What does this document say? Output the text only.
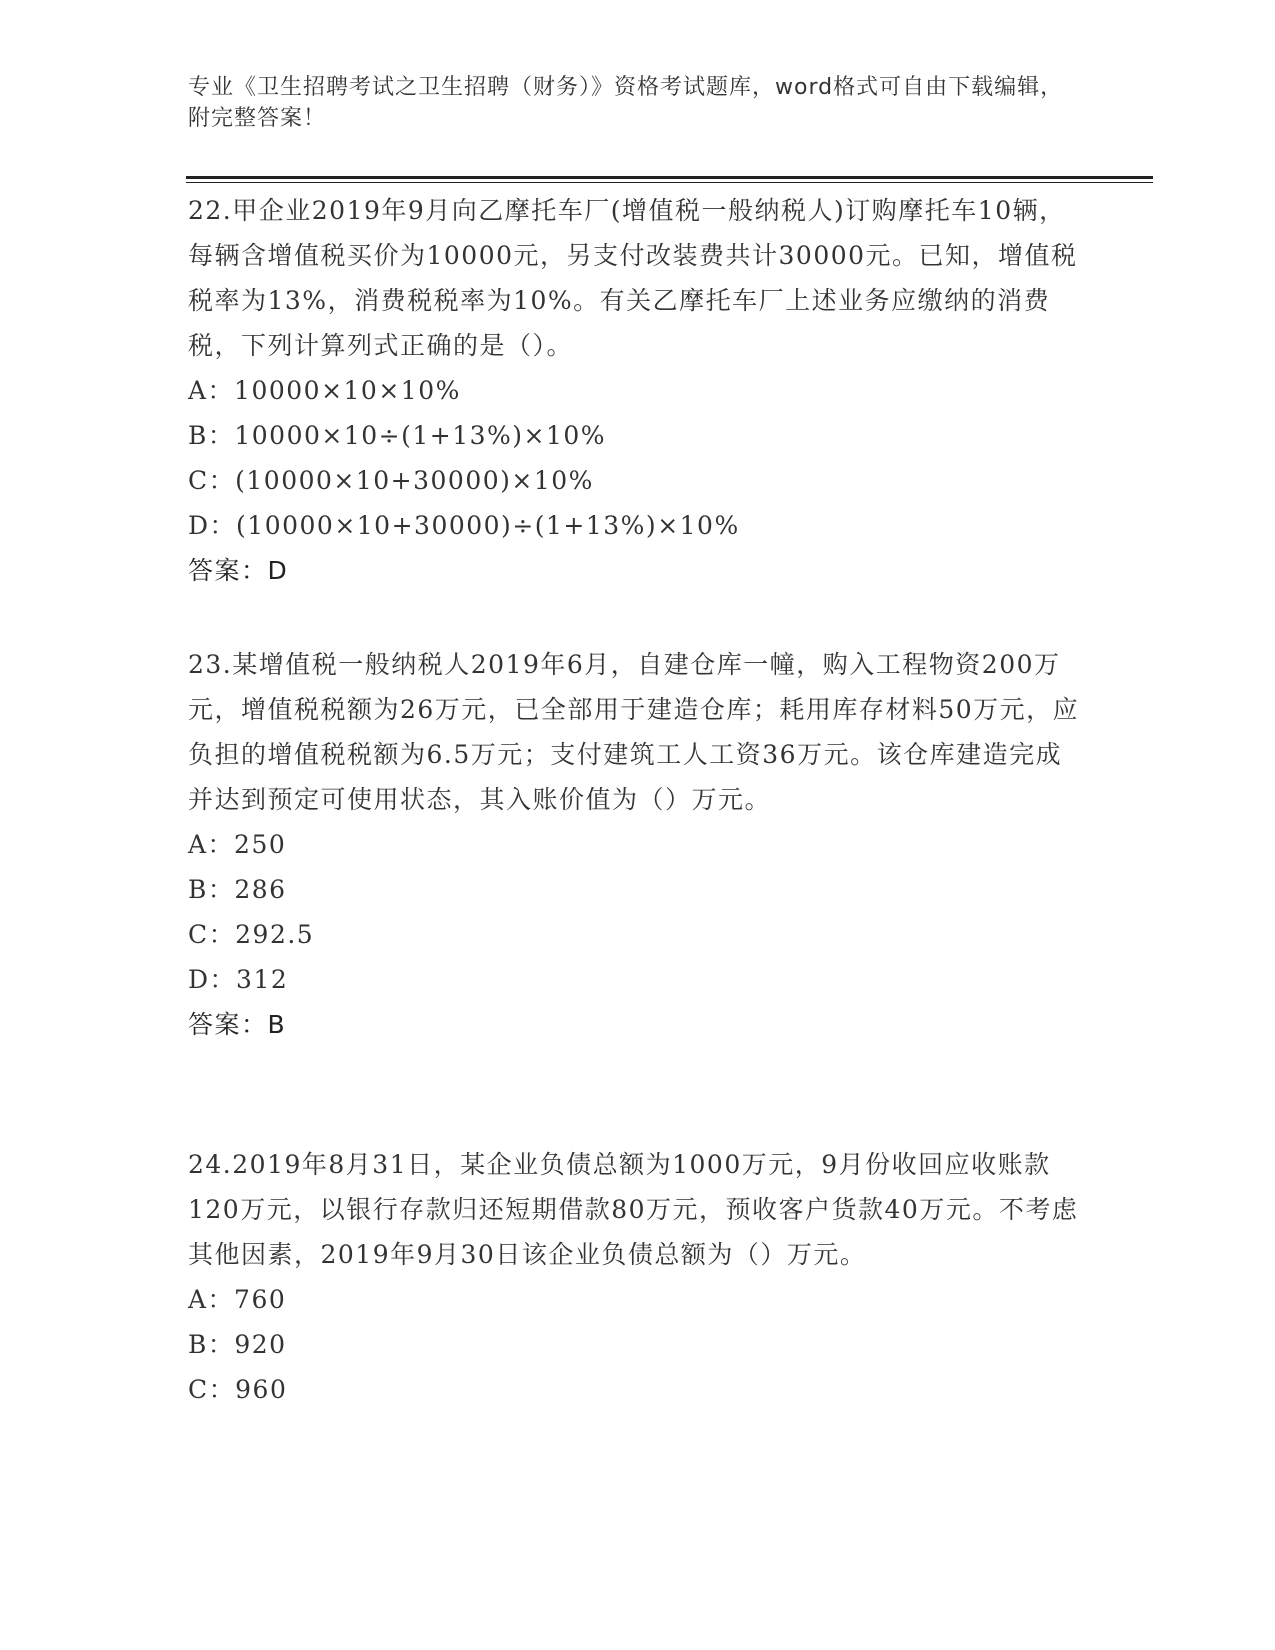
专业《卫生招聘考试之卫生招聘（财务）》资格考试题库，word格式可自由下载编辑，附完整答案！

22.甲企业2019年9月向乙摩托车厂(增值税一般纳税人)订购摩托车10辆，每辆含增值税买价为10000元，另支付改装费共计30000元。已知，增值税税率为13%，消费税税率为10%。有关乙摩托车厂上述业务应缴纳的消费税，下列计算列式正确的是（）。

A：10000×10×10%

B：10000×10÷(1+13%)×10%

C：(10000×10+30000)×10%

D：(10000×10+30000)÷(1+13%)×10%

答案：D

23.某增值税一般纳税人2019年6月，自建仓库一幢，购入工程物资200万元，增值税税额为26万元，已全部用于建造仓库；耗用库存材料50万元，应负担的增值税税额为6.5万元；支付建筑工人工资36万元。该仓库建造完成并达到预定可使用状态，其入账价值为（）万元。

A：250

B：286

C：292.5

D：312

答案：B

24.2019年8月31日，某企业负债总额为1000万元，9月份收回应收账款120万元，以银行存款归还短期借款80万元，预收客户货款40万元。不考虑其他因素，2019年9月30日该企业负债总额为（）万元。

A：760

B：920

C：960
